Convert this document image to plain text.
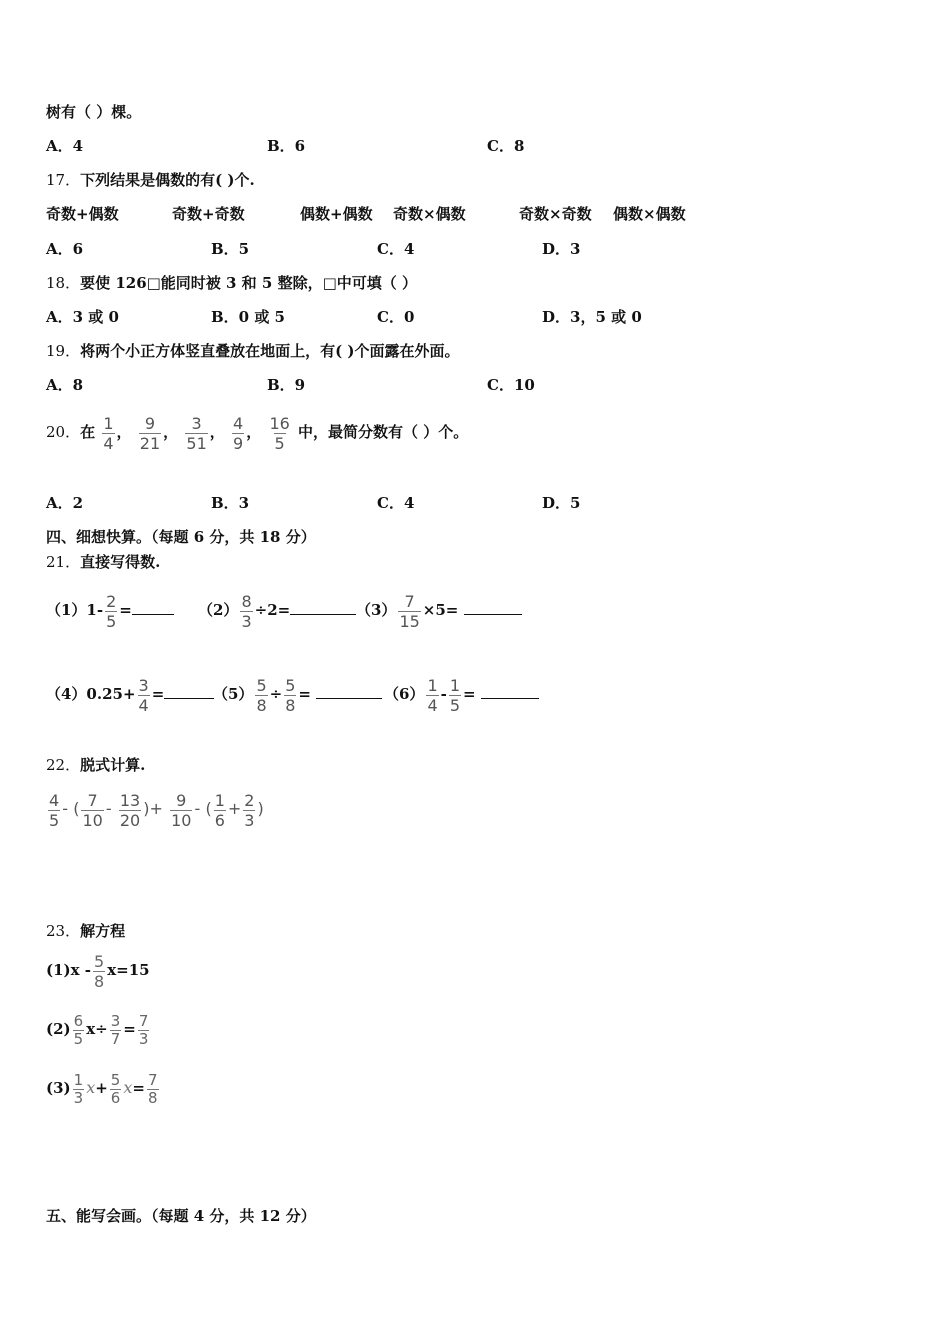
树有（ ）棵。
A．4	B．6	C．8
17．下列结果是偶数的有( )个.
奇数+偶数	奇数+奇数	偶数+偶数 奇数×偶数	奇数×奇数 偶数×偶数
A．6	B．5	C．4	D．3
18．要使 126□能同时被 3 和 5 整除，□中可填（ ）
A．3 或 0	B．0 或 5	C．0	D．3，5 或 0
19．将两个小正方体竖直叠放在地面上，有( )个面露在外面。
A．8	B．9	C．10
20．在 $\frac{1}{4}$ ， $\frac{9}{21}$ ， $\frac{3}{51}$ ， $\frac{4}{9}$ ， $\frac{16}{5}$ 中，最简分数有（ ）个。
A．2	B．3	C．4	D．5
四、细想快算。（每题 6 分，共 18 分）
21．直接写得数.
$(1)1- \frac{2}{5}$ =	$(2) \frac{8}{3} \div 2=$	$(3) \frac{7}{15} \times 5=$
$(4)0.25+ \frac{3}{4}$ =	$(5) \frac{5}{8} \div \frac{5}{8}$ =	$(6) \frac{1}{4} - \frac{1}{5}$ =
22．脱式计算.
$\frac{4}{5}$ - ( $\frac{7}{10} - \frac{13}{20}$ )+ $\frac{9}{10}$ - ( $\frac{1}{6} + \frac{2}{3}$ )
23．解方程
$(1)x - \frac{5}{8} x=15$
$(2) \frac{6}{5} x\div \frac{3}{7} = \frac{7}{3}$
$(3) \frac{1}{3} x+ \frac{5}{6} x= \frac{7}{8}$
五、能写会画。（每题 4 分，共 12 分）
